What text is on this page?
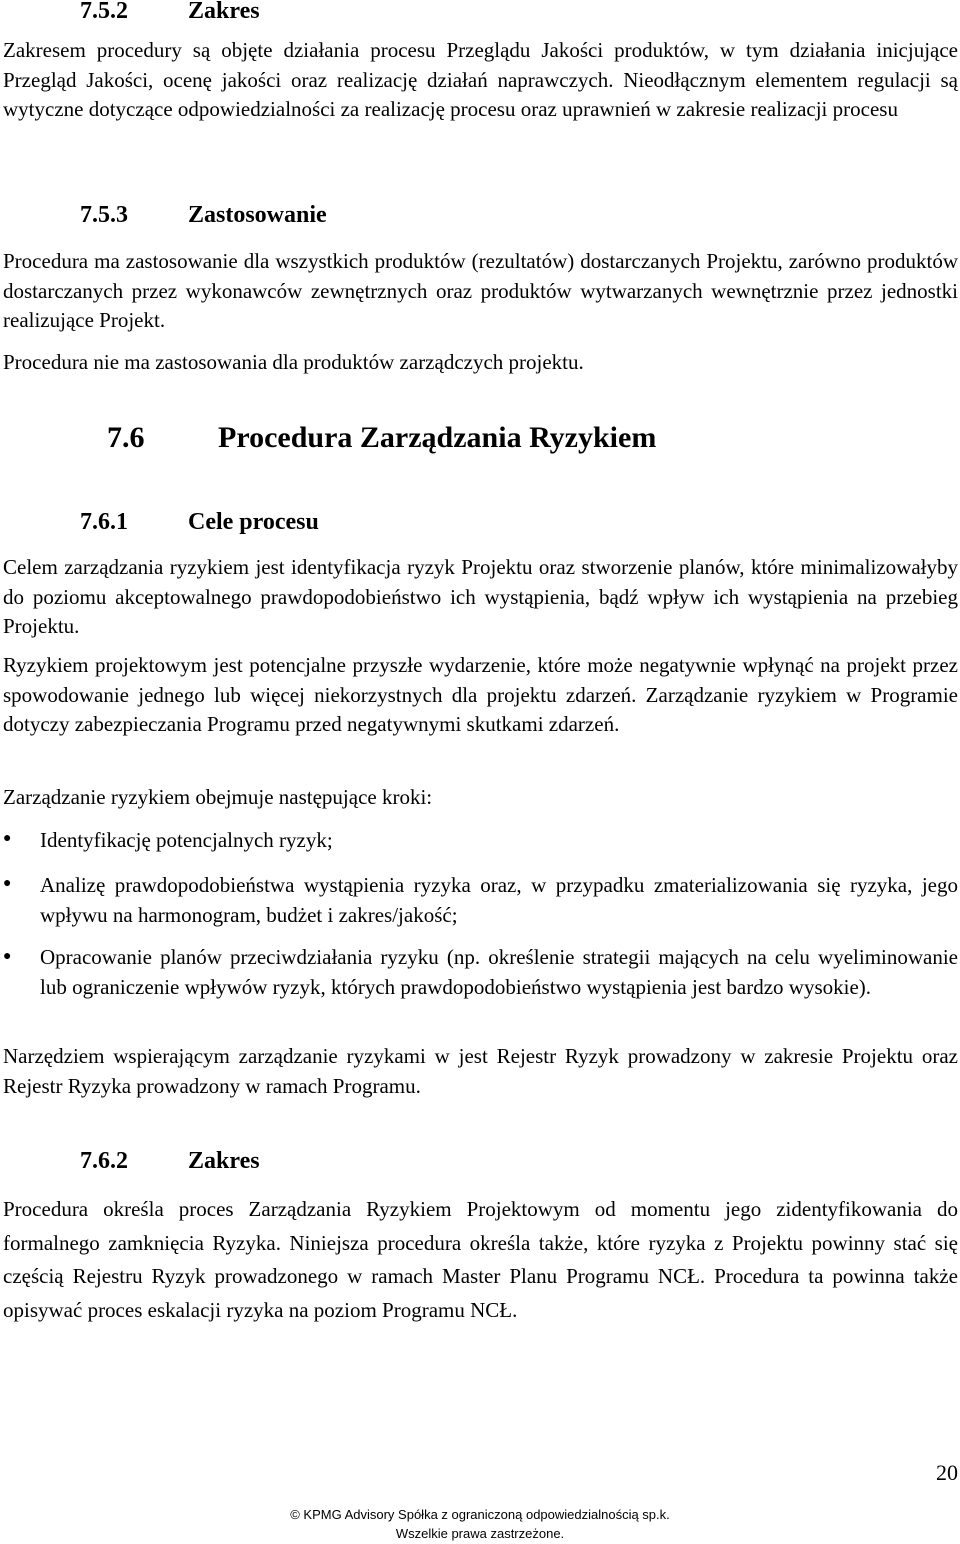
7.5.2	Zakres

Zakresem procedury są objęte działania procesu Przeglądu Jakości produktów, w tym działania inicjujące Przegląd Jakości, ocenę jakości oraz realizację działań naprawczych. Nieodłącznym elementem regulacji są wytyczne dotyczące odpowiedzialności za realizację procesu oraz uprawnień w zakresie realizacji procesu

7.5.3	Zastosowanie

Procedura ma zastosowanie dla wszystkich produktów (rezultatów) dostarczanych Projektu, zarówno produktów dostarczanych przez wykonawców zewnętrznych oraz produktów wytwarzanych wewnętrznie przez jednostki realizujące Projekt.

Procedura nie ma zastosowania dla produktów zarządczych projektu.

7.6 Procedura Zarządzania Ryzykiem
7.6.1	Cele procesu

Celem zarządzania ryzykiem jest identyfikacja ryzyk Projektu oraz stworzenie planów, które minimalizowałyby do poziomu akceptowalnego prawdopodobieństwo ich wystąpienia, bądź wpływ ich wystąpienia na przebieg Projektu.

Ryzykiem projektowym jest potencjalne przyszłe wydarzenie, które może negatywnie wpłynąć na projekt przez spowodowanie jednego lub więcej niekorzystnych dla projektu zdarzeń. Zarządzanie ryzykiem w Programie dotyczy zabezpieczania Programu przed negatywnymi skutkami zdarzeń.

Zarządzanie ryzykiem obejmuje następujące kroki:

● Identyfikację potencjalnych ryzyk;

● Analizę prawdopodobieństwa wystąpienia ryzyka oraz, w przypadku zmaterializowania się ryzyka, jego wpływu na harmonogram, budżet i zakres/jakość;

● Opracowanie planów przeciwdziałania ryzyku (np. określenie strategii mających na celu wyeliminowanie lub ograniczenie wpływów ryzyk, których prawdopodobieństwo wystąpienia jest bardzo wysokie).

Narzędziem wspierającym zarządzanie ryzykami w jest Rejestr Ryzyk prowadzony w zakresie Projektu oraz Rejestr Ryzyka prowadzony w ramach Programu.

7.6.2	Zakres

Procedura określa proces Zarządzania Ryzykiem Projektowym od momentu jego zidentyfikowania do formalnego zamknięcia Ryzyka. Niniejsza procedura określa także, które ryzyka z Projektu powinny stać się częścią Rejestru Ryzyk prowadzonego w ramach Master Planu Programu NCŁ. Procedura ta powinna także opisywać proces eskalacji ryzyka na poziom Programu NCŁ.

20
© KPMG Advisory Spółka z ograniczoną odpowiedzialnością sp.k.
Wszelkie prawa zastrzeżone.
